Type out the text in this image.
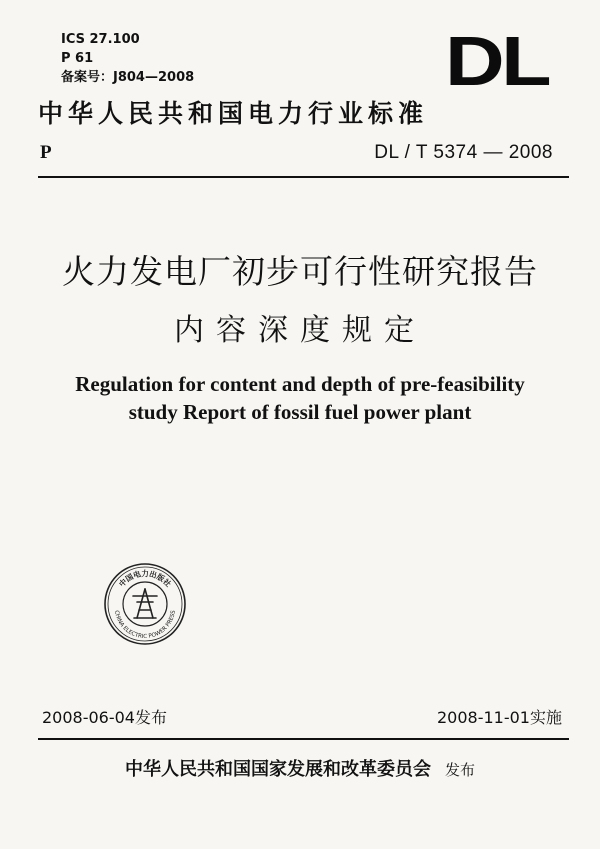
ICS 27.100
P 61
备案号：J804—2008	DL
中华人民共和国电力行业标准
P	DL / T 5374 — 2008
火力发电厂初步可行性研究报告
内容深度规定
Regulation for content and depth of pre-feasibility
study Report of fossil fuel power plant
中国电力出版社
CHINA ELECTRIC POWER PRESS
2008-06-04发布	2008-11-01实施
中华人民共和国国家发展和改革委员会 发布
